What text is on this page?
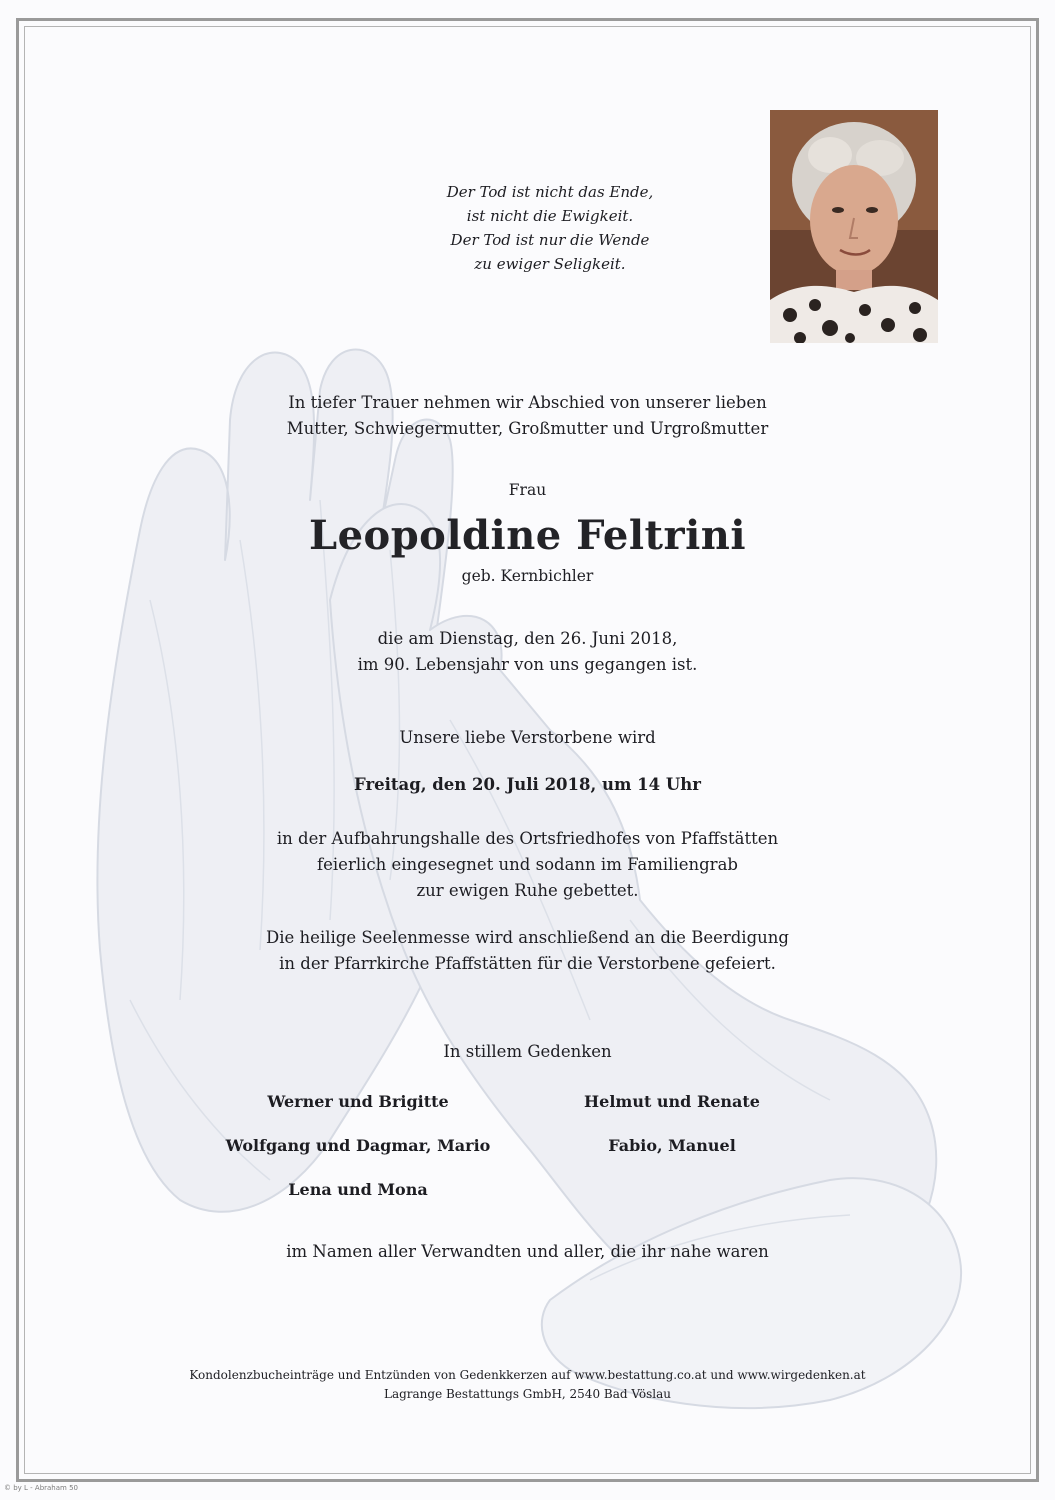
Der Tod ist nicht das Ende,
ist nicht die Ewigkeit.
Der Tod ist nur die Wende
zu ewiger Seligkeit.
In tiefer Trauer nehmen wir Abschied von unserer lieben
Mutter, Schwiegermutter, Großmutter und Urgroßmutter
Frau
Leopoldine Feltrini
geb. Kernbichler
die am Dienstag, den 26. Juni 2018,
im 90. Lebensjahr von uns gegangen ist.
Unsere liebe Verstorbene wird
Freitag, den 20. Juli 2018, um 14 Uhr
in der Aufbahrungshalle des Ortsfriedhofes von Pfaffstätten
feierlich eingesegnet und sodann im Familiengrab
zur ewigen Ruhe gebettet.
Die heilige Seelenmesse wird anschließend an die Beerdigung
in der Pfarrkirche Pfaffstätten für die Verstorbene gefeiert.
In stillem Gedenken
Werner und Brigitte
Wolfgang und Dagmar, Mario
Lena und Mona
Helmut und Renate
Fabio, Manuel
im Namen aller Verwandten und aller, die ihr nahe waren
Kondolenzbucheinträge und Entzünden von Gedenkkerzen auf www.bestattung.co.at und www.wirgedenken.at
Lagrange Bestattungs GmbH, 2540 Bad Vöslau
© by L - Abraham 50
